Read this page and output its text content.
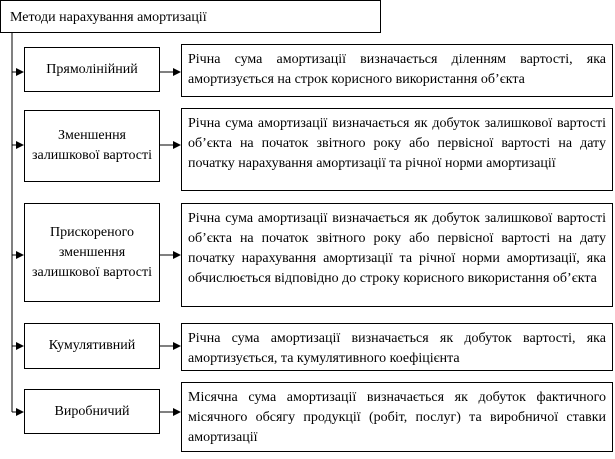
Методи нарахування амортизації
Прямолінійний
Річна сума амортизації визначається діленням вартості, яка амортизується на строк корисного використання об’єкта
Зменшення залишкової вартості
Річна сума амортизації визначається як добуток залишкової вартості об’єкта на початок звітного року або первісної вартості на дату початку нарахування амортизації та річної норми амортизації
Прискореного зменшення залишкової вартості
Річна сума амортизації визначається як добуток залишкової вартості об’єкта на початок звітного року або первісної вартості на дату початку нарахування амортизації та річної норми амортизації, яка обчислюється відповідно до строку корисного використання об’єкта
Кумулятивний	Річна сума амортизації визначається як добуток вартості, яка амортизується, та кумулятивного коефіцієнта
Виробничий
Місячна сума амортизації визначається як добуток фактичного місячного обсягу продукції (робіт, послуг) та виробничої ставки амортизації
